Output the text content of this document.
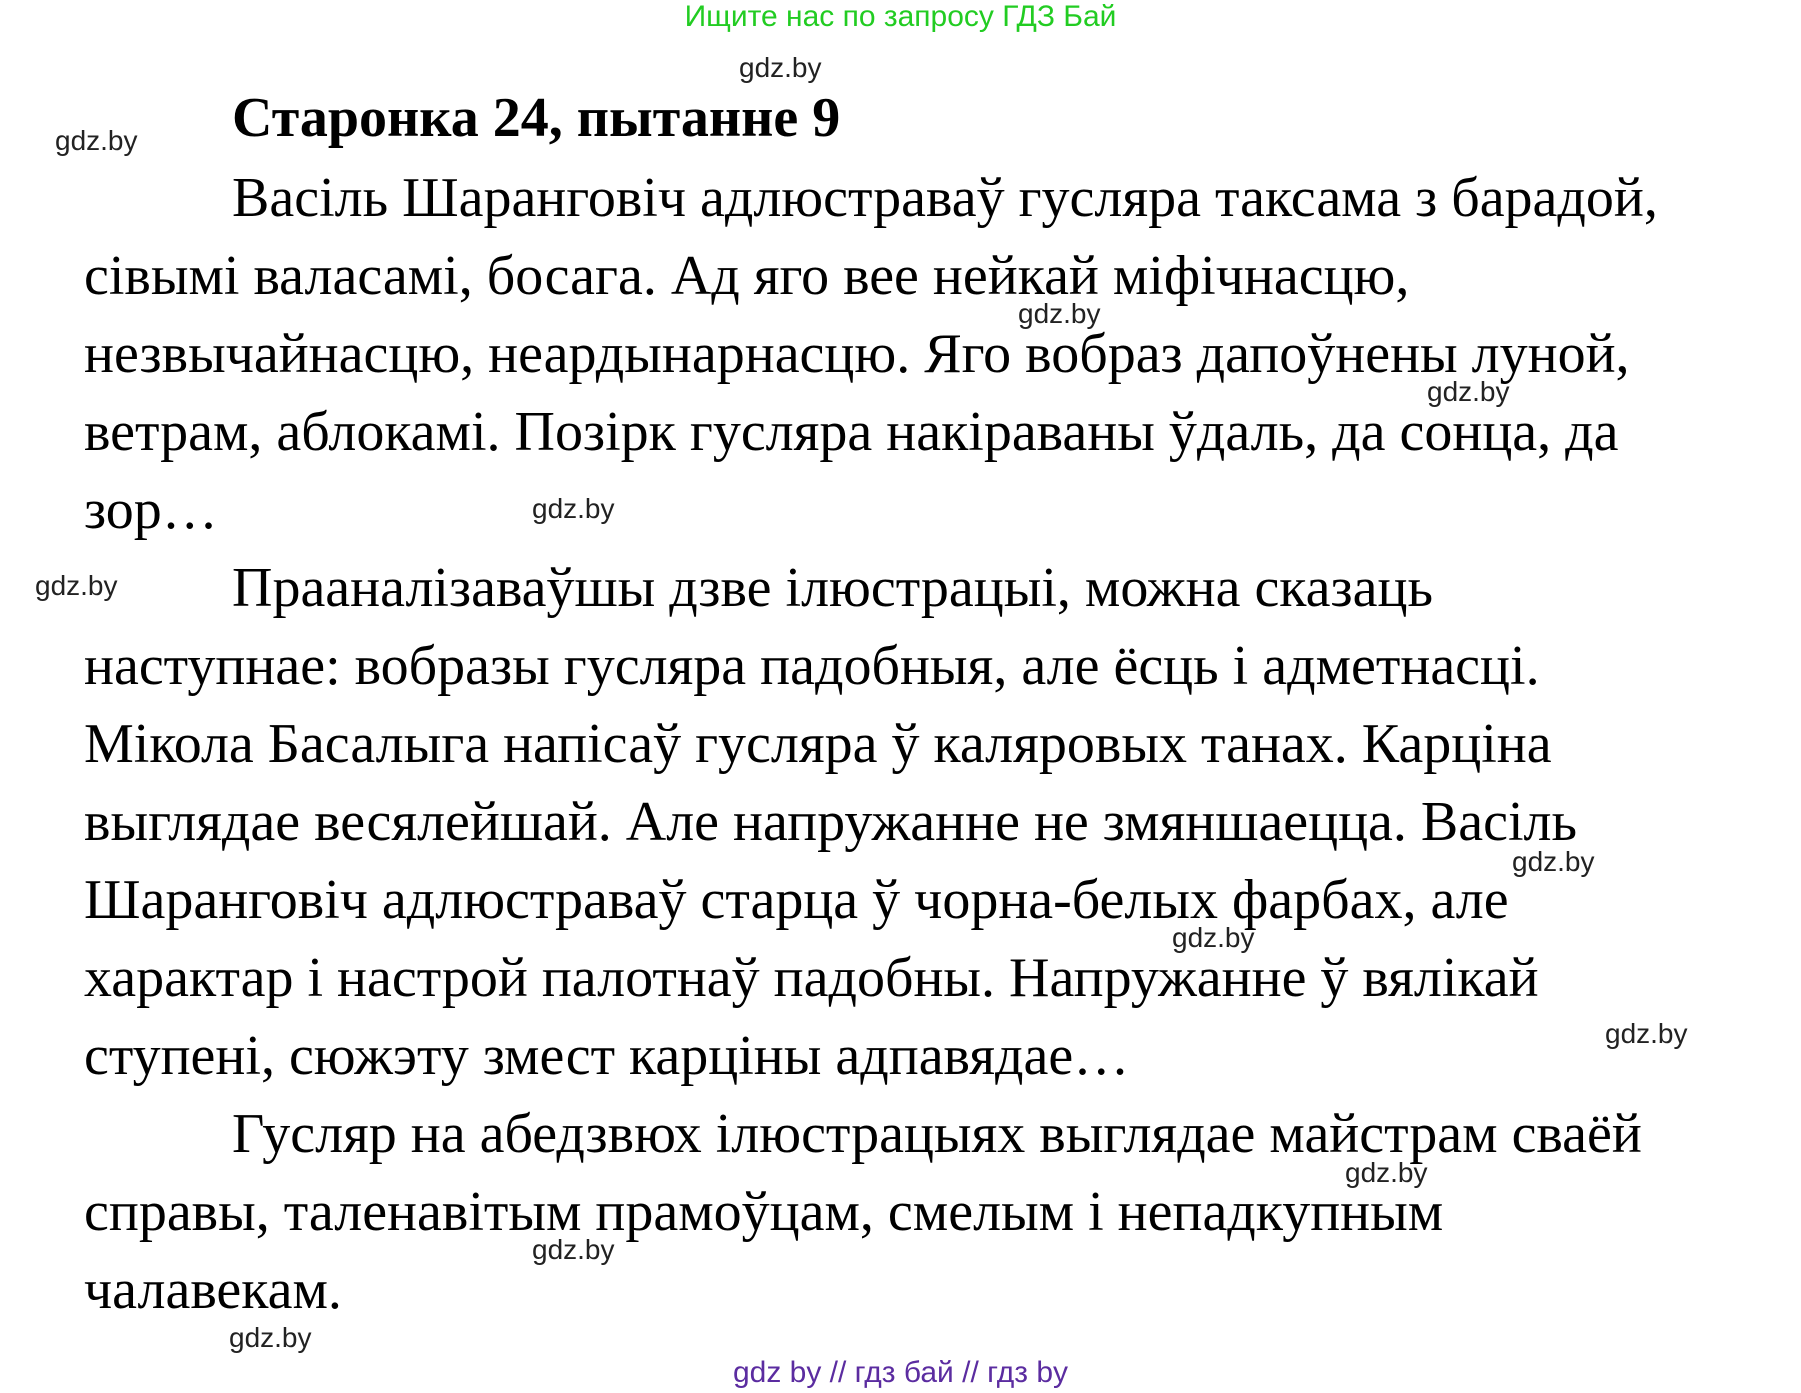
Ищите нас по запросу ГДЗ Бай
Старонка 24, пытанне 9
Васіль Шаранговіч адлюстраваў гусляра таксама з барадой,
сівымі валасамі, босага. Ад яго вее нейкай міфічнасцю,
незвычайнасцю, неардынарнасцю. Яго вобраз дапоўнены луной,
ветрам, аблокамі. Позірк гусляра накіраваны ўдаль, да сонца, да
зор…
Прааналізаваўшы дзве ілюстрацыі, можна сказаць
наступнае: вобразы гусляра падобныя, але ёсць і адметнасці.
Мікола Басалыга напісаў гусляра ў каляровых танах. Карціна
выглядае весялейшай. Але напружанне не змяншаецца. Васіль
Шаранговіч адлюстраваў старца ў чорна-белых фарбах, але
характар і настрой палотнаў падобны. Напружанне ў вялікай
ступені, сюжэту змест карціны адпавядае…
Гусляр на абедзвюх ілюстрацыях выглядае майстрам сваёй
справы, таленавітым прамоўцам, смелым і непадкупным
чалавекам.
gdz.by
gdz.by
gdz.by
gdz.by
gdz.by
gdz.by
gdz.by
gdz.by
gdz.by
gdz.by
gdz.by
gdz.by
gdz by // гдз бай // гдз by
